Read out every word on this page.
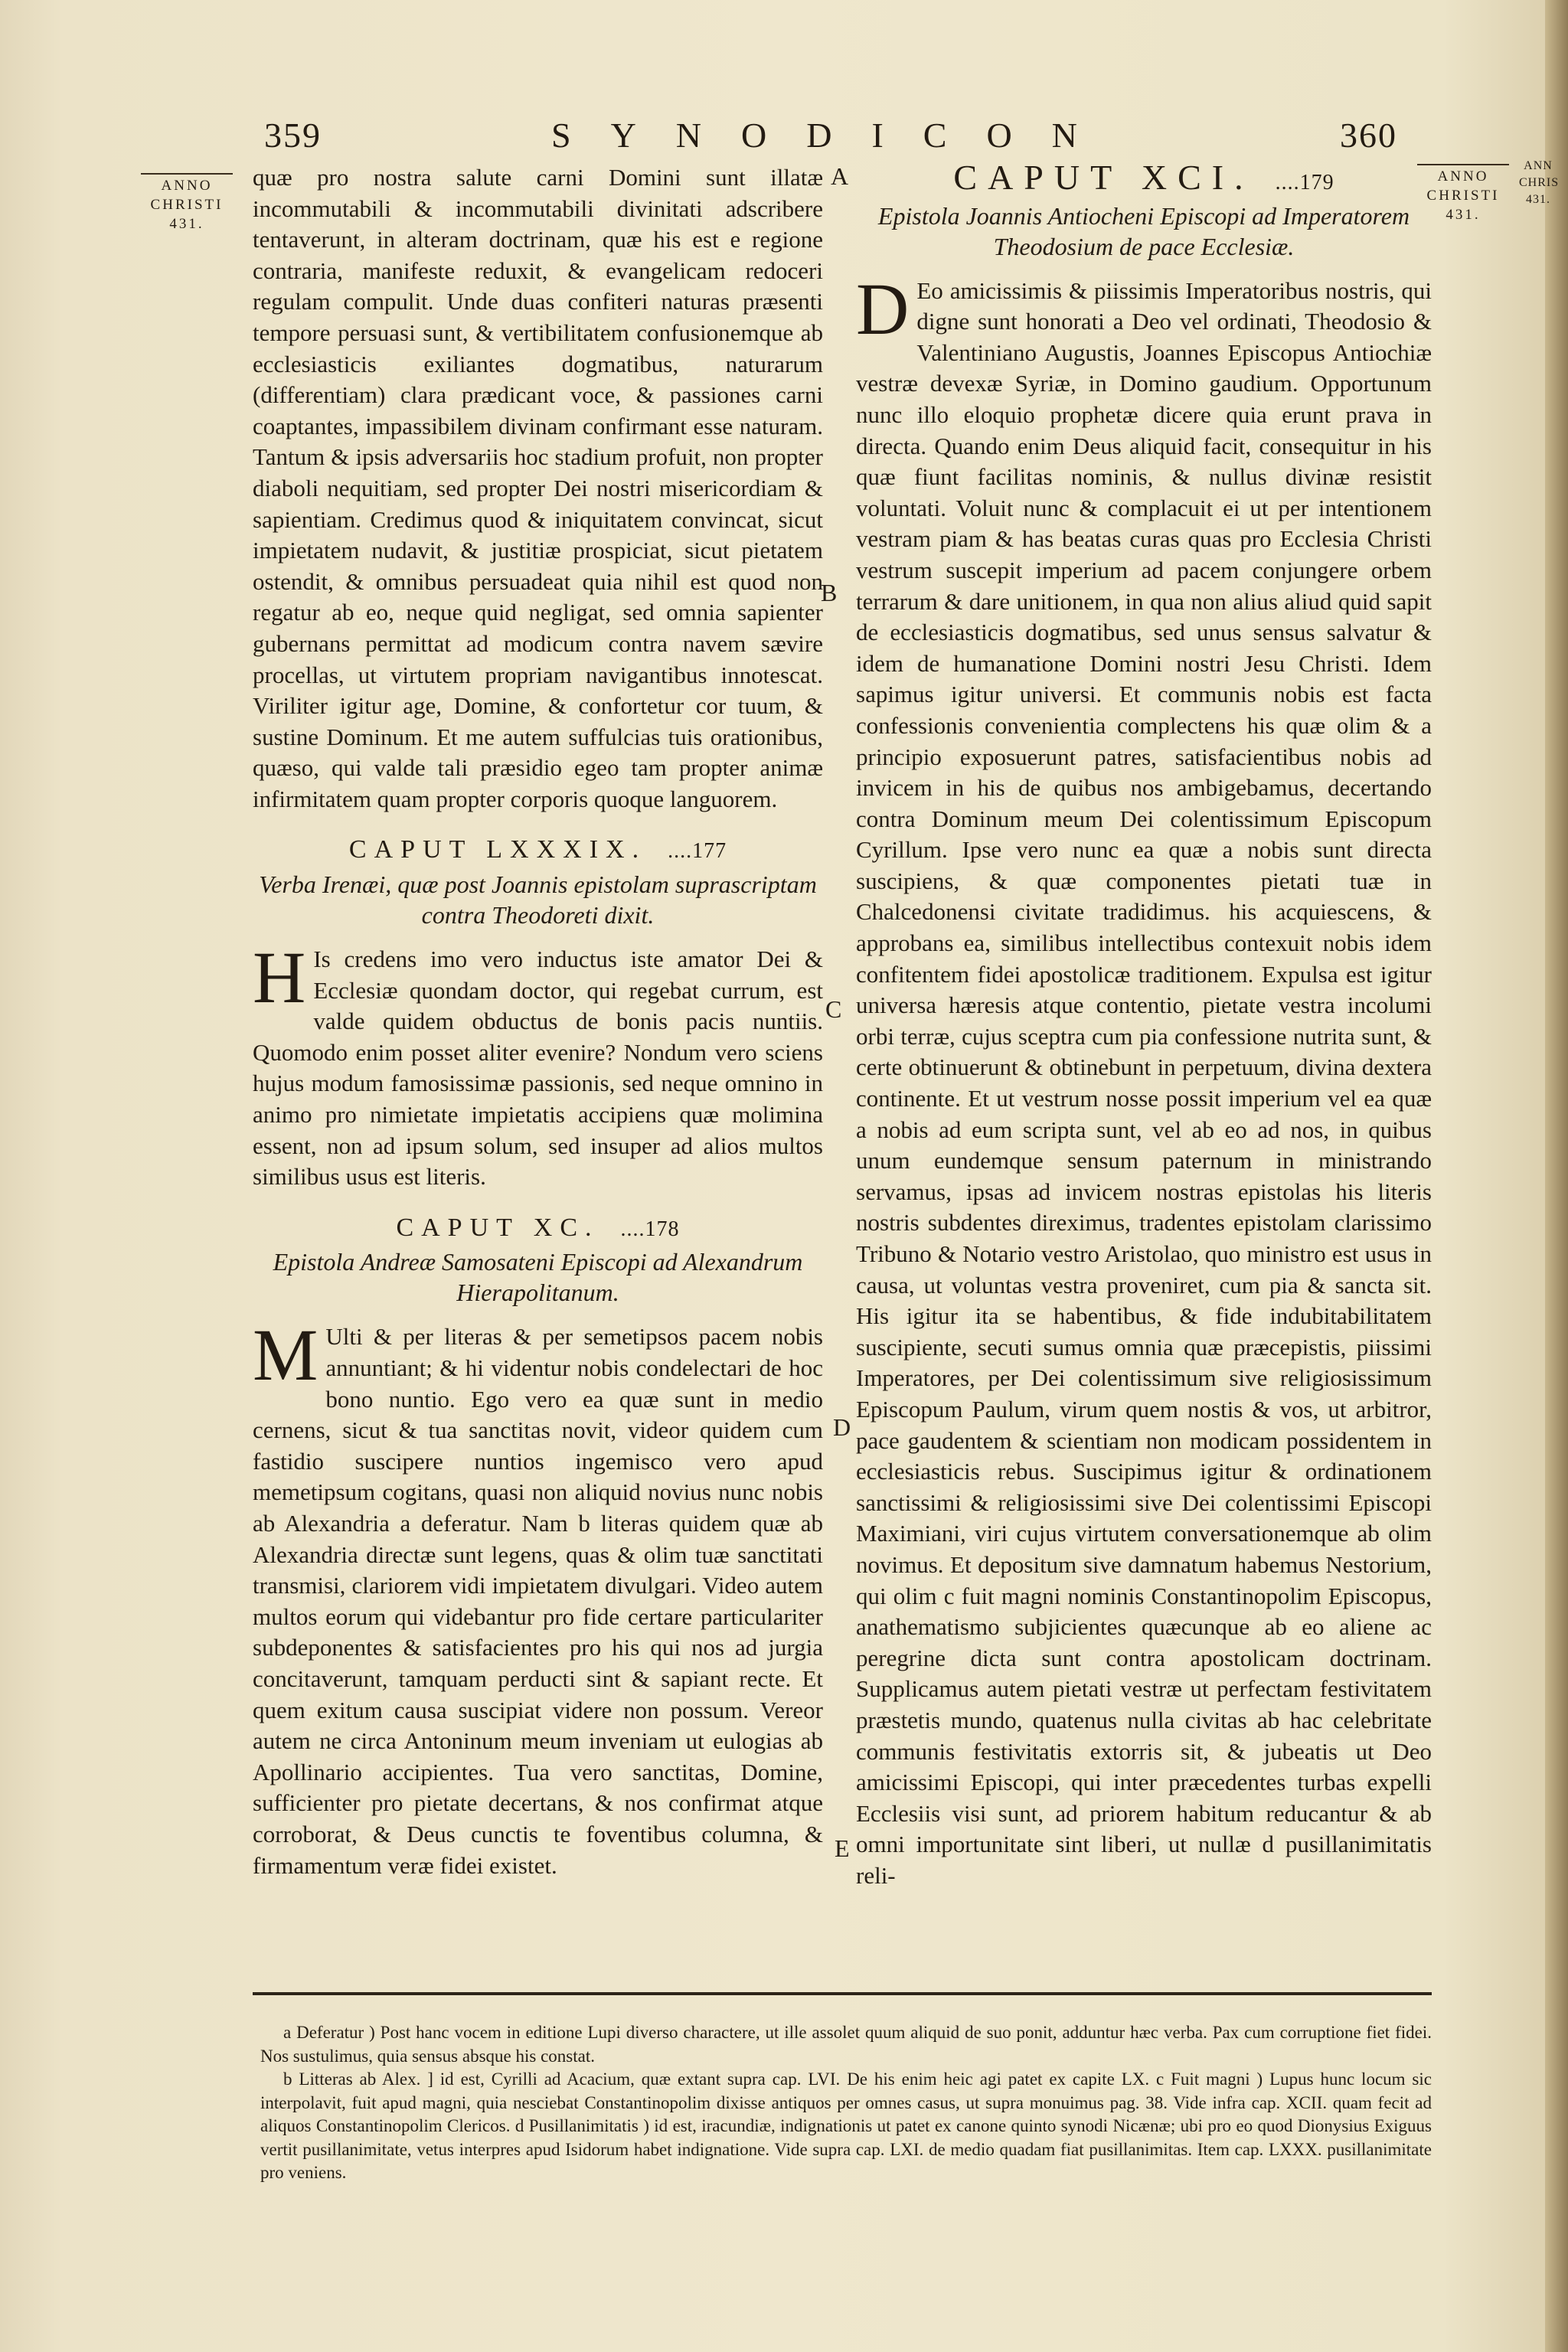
359	SYNODICON	360
ANNO
CHRISTI
431.
ANNO
CHRISTI
431.
ANN
CHRIS
431.
A
B
C
D
E

quæ pro nostra salute carni Domini sunt illatæ incommutabili & incommutabili divinitati adscribere tentaverunt, in alteram doctrinam, quæ his est e regione contraria, manifeste reduxit, & evangelicam redoceri regulam compulit. Unde duas confiteri naturas præsenti tempore persuasi sunt, & vertibilitatem confusionemque ab ecclesiasticis exiliantes dogmatibus, naturarum (differentiam) clara prædicant voce, & passiones carni coaptantes, impassibilem divinam confirmant esse naturam. Tantum & ipsis adversariis hoc stadium profuit, non propter diaboli nequitiam, sed propter Dei nostri misericordiam & sapientiam. Credimus quod & iniquitatem convincat, sicut impietatem nudavit, & justitiæ prospiciat, sicut pietatem ostendit, & omnibus persuadeat quia nihil est quod non regatur ab eo, neque quid negligat, sed omnia sapienter gubernans permittat ad modicum contra navem sævire procellas, ut virtutem propriam navigantibus innotescat. Viriliter igitur age, Domine, & confortetur cor tuum, & sustine Dominum. Et me autem suffulcias tuis orationibus, quæso, qui valde tali præsidio egeo tam propter animæ infirmitatem quam propter corporis quoque languorem.

CAPUT LXXXIX. ....177
Verba Irenæi, quæ post Joannis epistolam suprascriptam contra Theodoreti dixit.

H Is credens imo vero inductus iste amator Dei & Ecclesiæ quondam doctor, qui regebat currum, est valde quidem obductus de bonis pacis nuntiis. Quomodo enim posset aliter evenire? Nondum vero sciens hujus modum famosissimæ passionis, sed neque omnino in animo pro nimietate impietatis accipiens quæ molimina essent, non ad ipsum solum, sed insuper ad alios multos similibus usus est literis.

CAPUT XC. ....178
Epistola Andreæ Samosateni Episcopi ad Alexandrum Hierapolitanum.

M Ulti & per literas & per semetipsos pacem nobis annuntiant; & hi videntur nobis condelectari de hoc bono nuntio. Ego vero ea quæ sunt in medio cernens, sicut & tua sanctitas novit, videor quidem cum fastidio suscipere nuntios ingemisco vero apud memetipsum cogitans, quasi non aliquid novius nunc nobis ab Alexandria a deferatur. Nam b literas quidem quæ ab Alexandria directæ sunt legens, quas & olim tuæ sanctitati transmisi, clariorem vidi impietatem divulgari. Video autem multos eorum qui videbantur pro fide certare particulariter subdeponentes & satisfacientes pro his qui nos ad jurgia concitaverunt, tamquam perducti sint & sapiant recte. Et quem exitum causa suscipiat videre non possum. Vereor autem ne circa Antoninum meum inveniam ut eulogias ab Apollinario accipientes. Tua vero sanctitas, Domine, sufficienter pro pietate decertans, & nos confirmat atque corroborat, & Deus cunctis te foventibus columna, & firmamentum veræ fidei existet.

CAPUT XCI. ....179
Epistola Joannis Antiocheni Episcopi ad Imperatorem Theodosium de pace Ecclesiæ.

D Eo amicissimis & piissimis Imperatoribus nostris, qui digne sunt honorati a Deo vel ordinati, Theodosio & Valentiniano Augustis, Joannes Episcopus Antiochiæ vestræ devexæ Syriæ, in Domino gaudium. Opportunum nunc illo eloquio prophetæ dicere quia erunt prava in directa. Quando enim Deus aliquid facit, consequitur in his quæ fiunt facilitas nominis, & nullus divinæ resistit voluntati. Voluit nunc & complacuit ei ut per intentionem vestram piam & has beatas curas quas pro Ecclesia Christi vestrum suscepit imperium ad pacem conjungere orbem terrarum & dare unitionem, in qua non alius aliud quid sapit de ecclesiasticis dogmatibus, sed unus sensus salvatur & idem de humanatione Domini nostri Jesu Christi. Idem sapimus igitur universi. Et communis nobis est facta confessionis convenientia complectens his quæ olim & a principio exposuerunt patres, satisfacientibus nobis ad invicem in his de quibus nos ambigebamus, decertando contra Dominum meum Dei colentissimum Episcopum Cyrillum. Ipse vero nunc ea quæ a nobis sunt directa suscipiens, & quæ componentes pietati tuæ in Chalcedonensi civitate tradidimus. his acquiescens, & approbans ea, similibus intellectibus contexuit nobis idem confitentem fidei apostolicæ traditionem. Expulsa est igitur universa hæresis atque contentio, pietate vestra incolumi orbi terræ, cujus sceptra cum pia confessione nutrita sunt, & certe obtinuerunt & obtinebunt in perpetuum, divina dextera continente. Et ut vestrum nosse possit imperium vel ea quæ a nobis ad eum scripta sunt, vel ab eo ad nos, in quibus unum eundemque sensum paternum in ministrando servamus, ipsas ad invicem nostras epistolas his literis nostris subdentes direximus, tradentes epistolam clarissimo Tribuno & Notario vestro Aristolao, quo ministro est usus in causa, ut voluntas vestra proveniret, cum pia & sancta sit. His igitur ita se habentibus, & fide indubitabilitatem suscipiente, secuti sumus omnia quæ præcepistis, piissimi Imperatores, per Dei colentissimum sive religiosissimum Episcopum Paulum, virum quem nostis & vos, ut arbitror, pace gaudentem & scientiam non modicam possidentem in ecclesiasticis rebus. Suscipimus igitur & ordinationem sanctissimi & religiosissimi sive Dei colentissimi Episcopi Maximiani, viri cujus virtutem conversationemque ab olim novimus. Et depositum sive damnatum habemus Nestorium, qui olim c fuit magni nominis Constantinopolim Episcopus, anathematismo subjicientes quæcunque ab eo aliene ac peregrine dicta sunt contra apostolicam doctrinam. Supplicamus autem pietati vestræ ut perfectam festivitatem præstetis mundo, quatenus nulla civitas ab hac celebritate communis festivitatis extorris sit, & jubeatis ut Deo amicissimi Episcopi, qui inter præcedentes turbas expelli Ecclesiis visi sunt, ad priorem habitum reducantur & ab omni importunitate sint liberi, ut nullæ d pusillanimitatis reli-

a Deferatur ) Post hanc vocem in editione Lupi diverso charactere, ut ille assolet quum aliquid de suo ponit, adduntur hæc verba. Pax cum corruptione fiet fidei. Nos sustulimus, quia sensus absque his constat.

b Litteras ab Alex. ] id est, Cyrilli ad Acacium, quæ extant supra cap. LVI. De his enim heic agi patet ex capite LX. c Fuit magni ) Lupus hunc locum sic interpolavit, fuit apud magni, quia nesciebat Constantinopolim dixisse antiquos per omnes casus, ut supra monuimus pag. 38. Vide infra cap. XCII. quam fecit ad aliquos Constantinopolim Clericos. d Pusillanimitatis ) id est, iracundiæ, indignationis ut patet ex canone quinto synodi Nicænæ; ubi pro eo quod Dionysius Exiguus vertit pusillanimitate, vetus interpres apud Isidorum habet indignatione. Vide supra cap. LXI. de medio quadam fiat pusillanimitas. Item cap. LXXX. pusillanimitate pro veniens.
